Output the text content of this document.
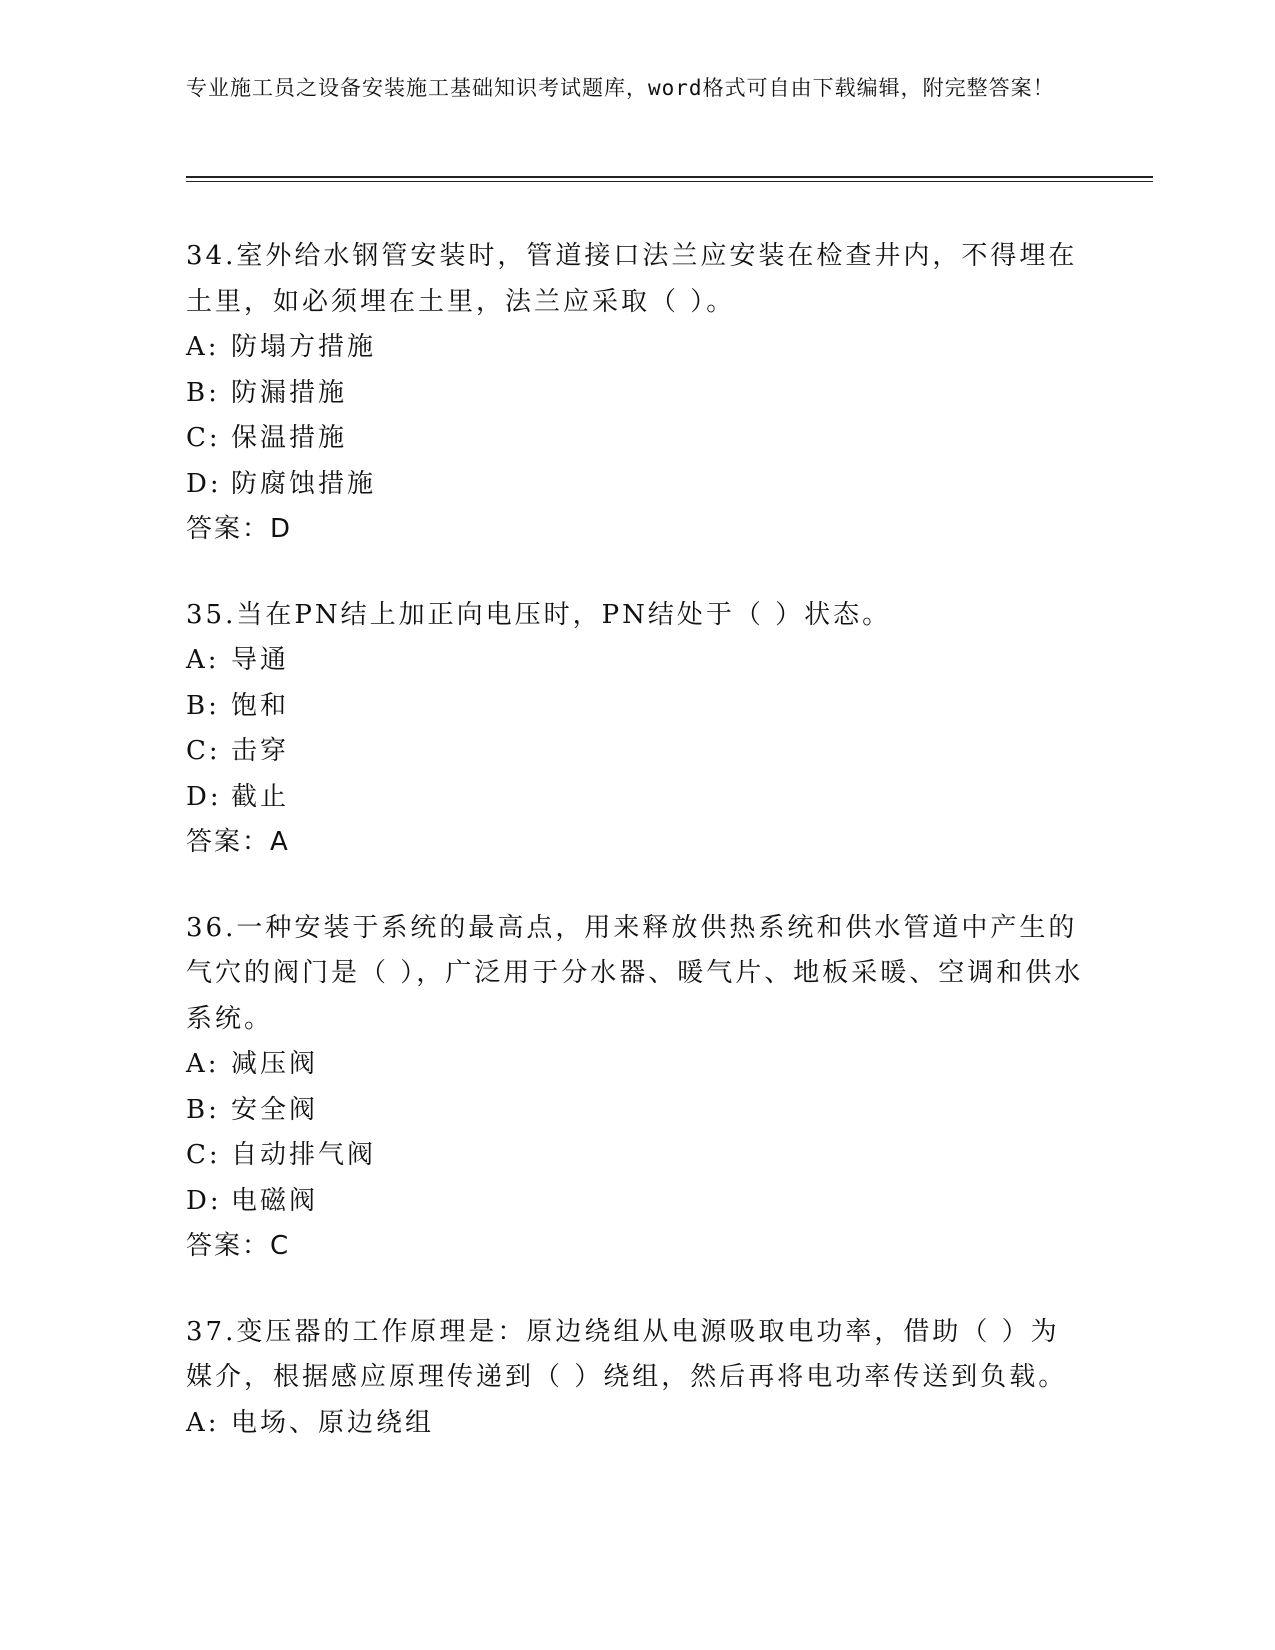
专业施工员之设备安装施工基础知识考试题库，word格式可自由下载编辑，附完整答案！

34.室外给水钢管安装时，管道接口法兰应安装在检查井内，不得埋在土里，如必须埋在土里，法兰应采取（ ）。

A: 防塌方措施

B: 防漏措施

C: 保温措施

D: 防腐蚀措施

答案：D

35.当在PN结上加正向电压时，PN结处于（ ）状态。

A: 导通

B: 饱和

C: 击穿

D: 截止

答案：A

36.一种安装于系统的最高点，用来释放供热系统和供水管道中产生的气穴的阀门是（ ），广泛用于分水器、暖气片、地板采暖、空调和供水系统。

A: 减压阀

B: 安全阀

C: 自动排气阀

D: 电磁阀

答案：C

37.变压器的工作原理是：原边绕组从电源吸取电功率，借助（ ）为媒介，根据感应原理传递到（ ）绕组，然后再将电功率传送到负载。

A: 电场、原边绕组
